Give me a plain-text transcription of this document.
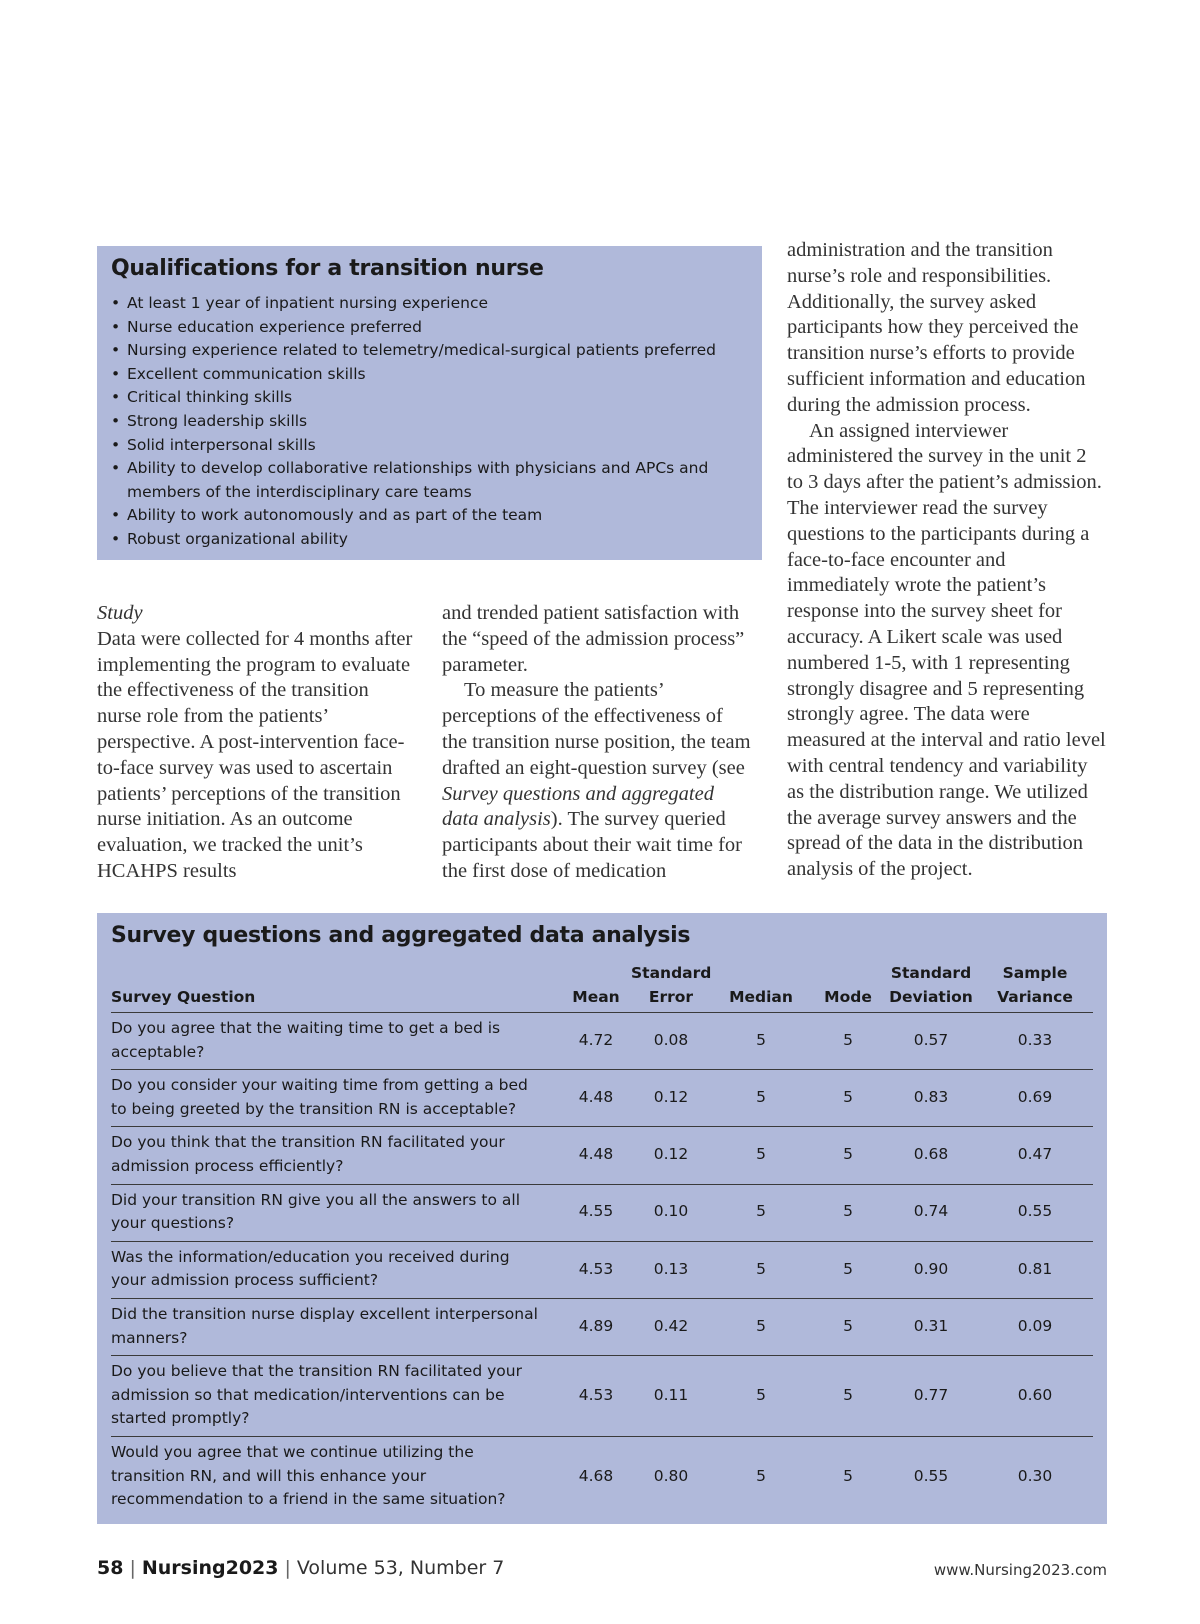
Qualifications for a transition nurse
• At least 1 year of inpatient nursing experience
• Nurse education experience preferred
• Nursing experience related to telemetry/medical-surgical patients preferred
• Excellent communication skills
• Critical thinking skills
• Strong leadership skills
• Solid interpersonal skills
• Ability to develop collaborative relationships with physicians and APCs and members of the interdisciplinary care teams
• Ability to work autonomously and as part of the team
• Robust organizational ability

Study

Data were collected for 4 months after implementing the program to evaluate the effectiveness of the transition nurse role from the patients’ perspective. A post-intervention face-to-face survey was used to ascertain patients’ perceptions of the transition nurse initiation. As an outcome evaluation, we tracked the unit’s HCAHPS results

and trended patient satisfaction with the “speed of the admission process” parameter.

To measure the patients’ perceptions of the effectiveness of the transition nurse position, the team drafted an eight-question survey (see Survey questions and aggregated data analysis). The survey queried participants about their wait time for the first dose of medication

administration and the transition nurse’s role and responsibilities. Additionally, the survey asked participants how they perceived the transition nurse’s efforts to provide sufficient information and education during the admission process.

An assigned interviewer administered the survey in the unit 2 to 3 days after the patient’s admission. The interviewer read the survey questions to the participants during a face-to-face encounter and immediately wrote the patient’s response into the survey sheet for accuracy. A Likert scale was used numbered 1-5, with 1 representing strongly disagree and 5 representing strongly agree. The data were measured at the interval and ratio level with central tendency and variability as the distribution range. We utilized the average survey answers and the spread of the data in the distribution analysis of the project.

Survey questions and aggregated data analysis
Survey Question	Mean	Standard Error	Median	Mode	Standard Deviation	Sample Variance
Do you agree that the waiting time to get a bed is acceptable?	4.72	0.08	5	5	0.57	0.33
Do you consider your waiting time from getting a bed to being greeted by the transition RN is acceptable?	4.48	0.12	5	5	0.83	0.69
Do you think that the transition RN facilitated your admission process efficiently?	4.48	0.12	5	5	0.68	0.47
Did your transition RN give you all the answers to all your questions?	4.55	0.10	5	5	0.74	0.55
Was the information/education you received during your admission process sufficient?	4.53	0.13	5	5	0.90	0.81
Did the transition nurse display excellent interpersonal manners?	4.89	0.42	5	5	0.31	0.09
Do you believe that the transition RN facilitated your admission so that medication/interventions can be started promptly?	4.53	0.11	5	5	0.77	0.60
Would you agree that we continue utilizing the transition RN, and will this enhance your recommendation to a friend in the same situation?	4.68	0.80	5	5	0.55	0.30
58 | Nursing2023 | Volume 53, Number 7	www.Nursing2023.com
